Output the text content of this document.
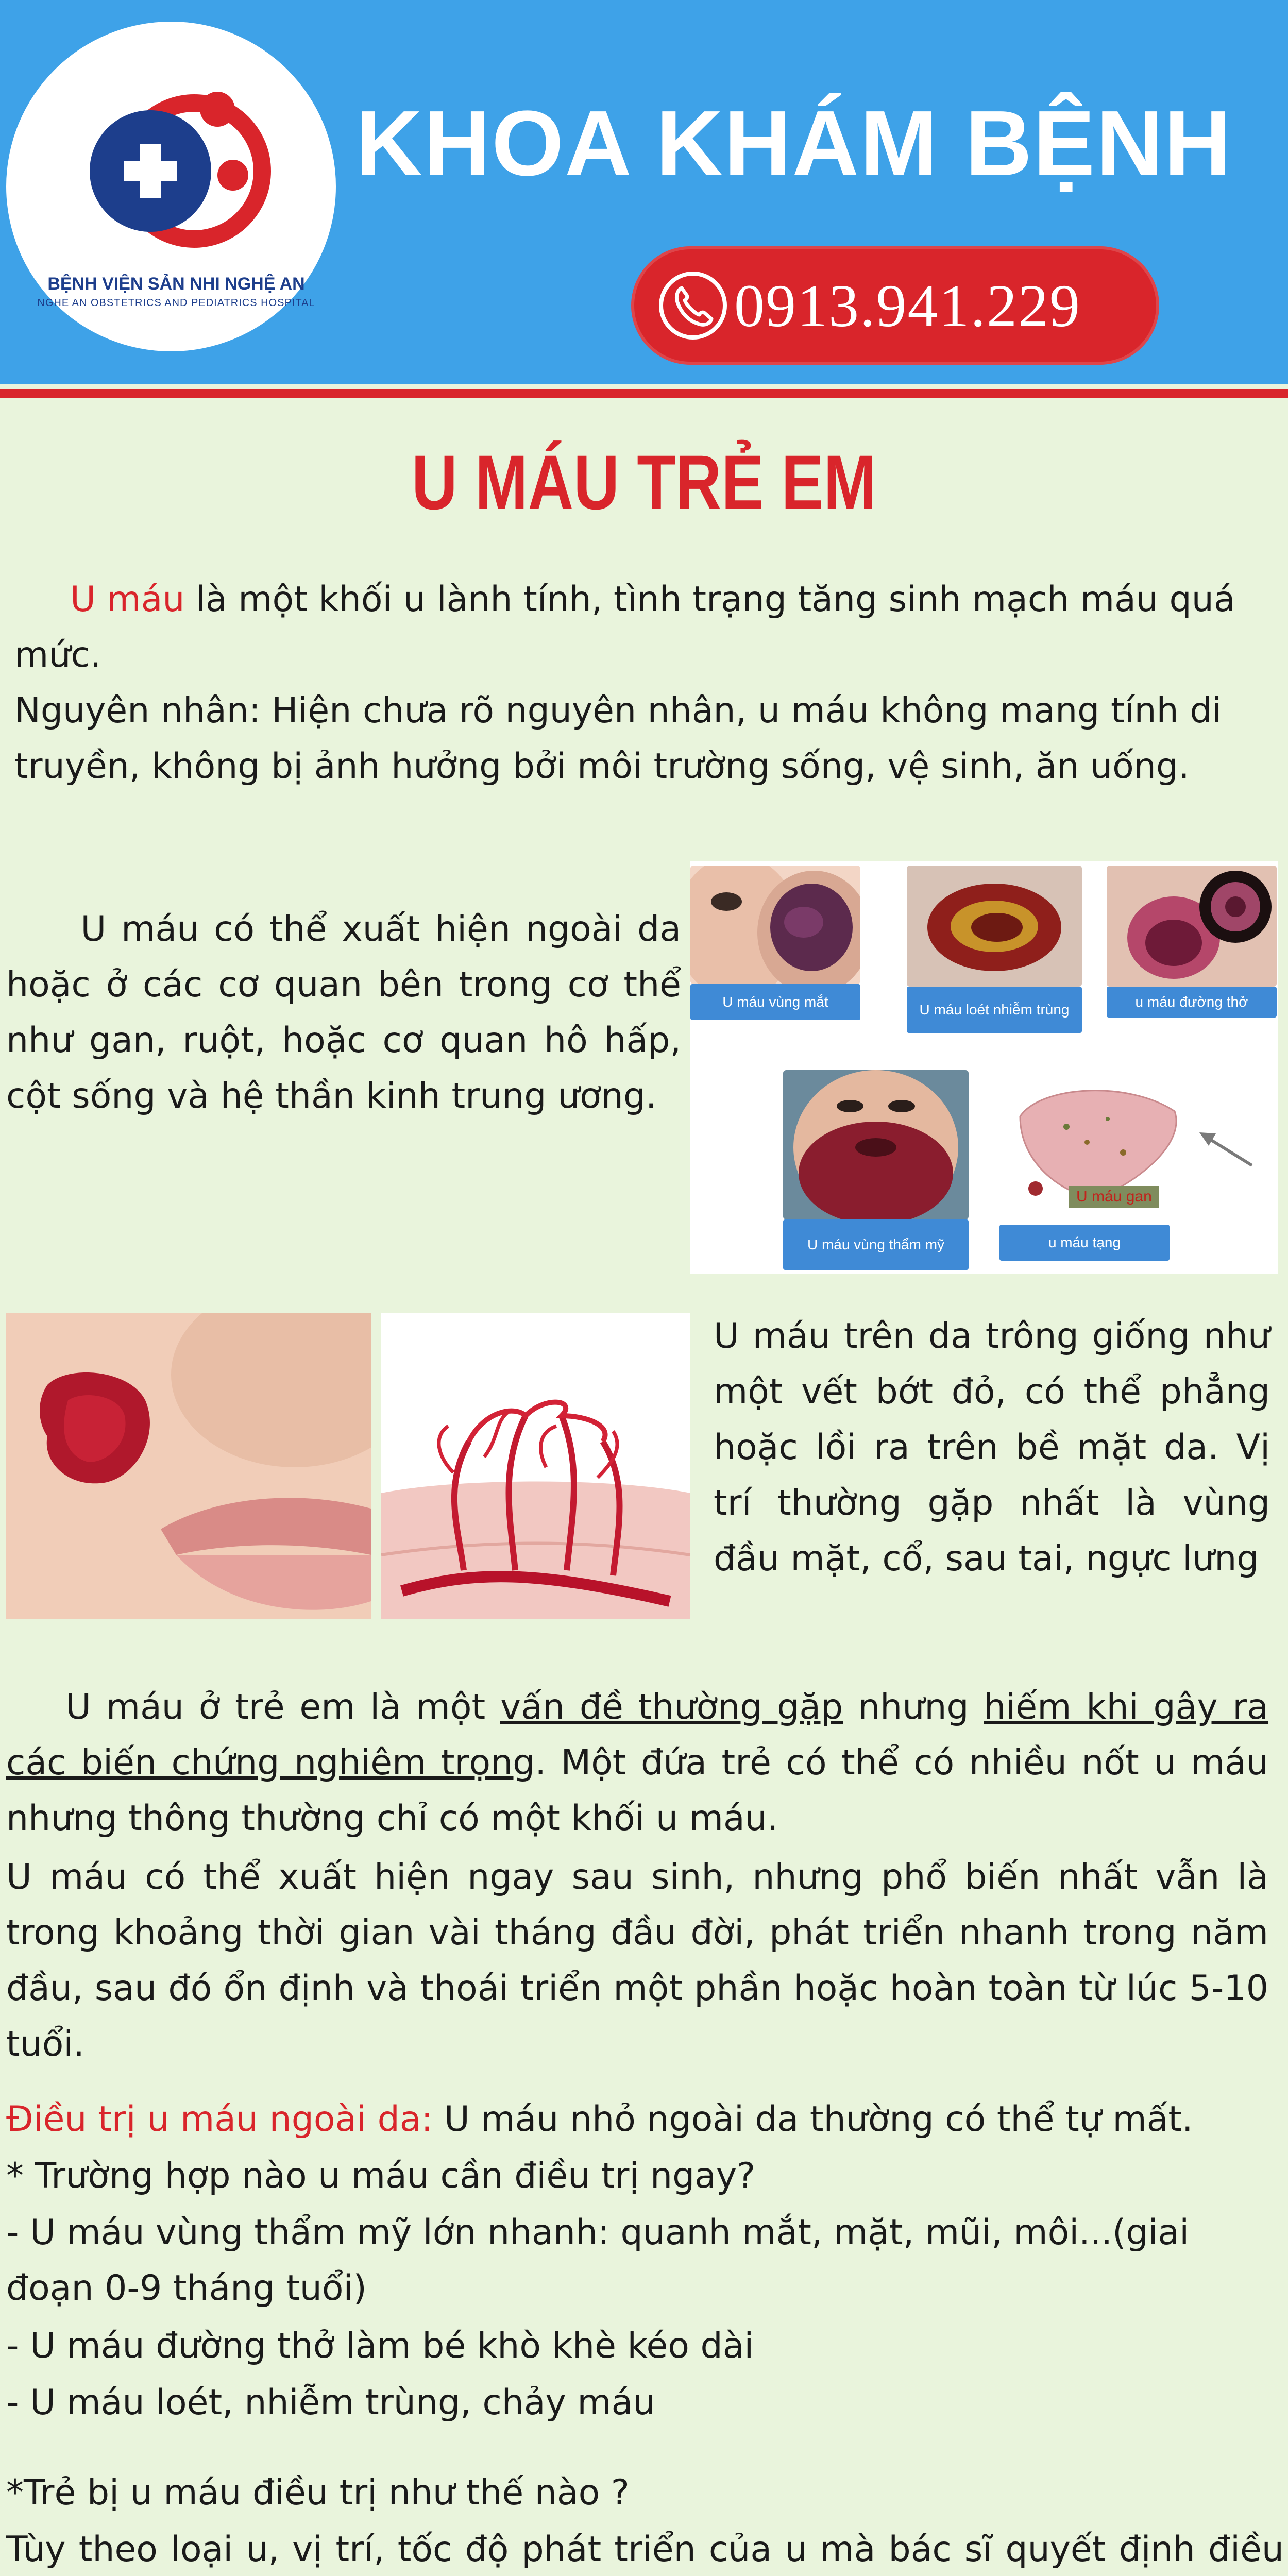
BỆNH VIỆN SẢN NHI NGHỆ AN
NGHE AN OBSTETRICS AND PEDIATRICS HOSPITAL
KHOA KHÁM BỆNH
0913.941.229
U MÁU TRẺ EM
U máu là một khối u lành tính, tình trạng tăng sinh mạch máu quá mức.
Nguyên nhân: Hiện chưa rõ nguyên nhân, u máu không mang tính di truyền, không bị ảnh hưởng bởi môi trường sống, vệ sinh, ăn uống.
U máu có thể xuất hiện ngoài da hoặc ở các cơ quan bên trong cơ thể như gan, ruột, hoặc cơ quan hô hấp, cột sống và hệ thần kinh trung ương.
U máu vùng mắt	U máu loét nhiễm trùng	u máu đường thở
U máu vùng thẩm mỹ
U máu gan
u máu tạng
U máu trên da trông giống như một vết bớt đỏ, có thể phẳng hoặc lồi ra trên bề mặt da. Vị trí thường gặp nhất là vùng đầu mặt, cổ, sau tai, ngực lưng
U máu ở trẻ em là một vấn đề thường gặp nhưng hiếm khi gây ra các biến chứng nghiêm trọng. Một đứa trẻ có thể có nhiều nốt u máu nhưng thông thường chỉ có một khối u máu.
U máu có thể xuất hiện ngay sau sinh, nhưng phổ biến nhất vẫn là trong khoảng thời gian vài tháng đầu đời, phát triển nhanh trong năm đầu, sau đó ổn định và thoái triển một phần hoặc hoàn toàn từ lúc 5-10 tuổi.
Điều trị u máu ngoài da: U máu nhỏ ngoài da thường có thể tự mất.
* Trường hợp nào u máu cần điều trị ngay?
- U máu vùng thẩm mỹ lớn nhanh: quanh mắt, mặt, mũi, môi...(giai đoạn 0-9 tháng tuổi)
- U máu đường thở làm bé khò khè kéo dài
- U máu loét, nhiễm trùng, chảy máu
*Trẻ bị u máu điều trị như thế nào ?
Tùy theo loại u, vị trí, tốc độ phát triển của u mà bác sĩ quyết định điều
